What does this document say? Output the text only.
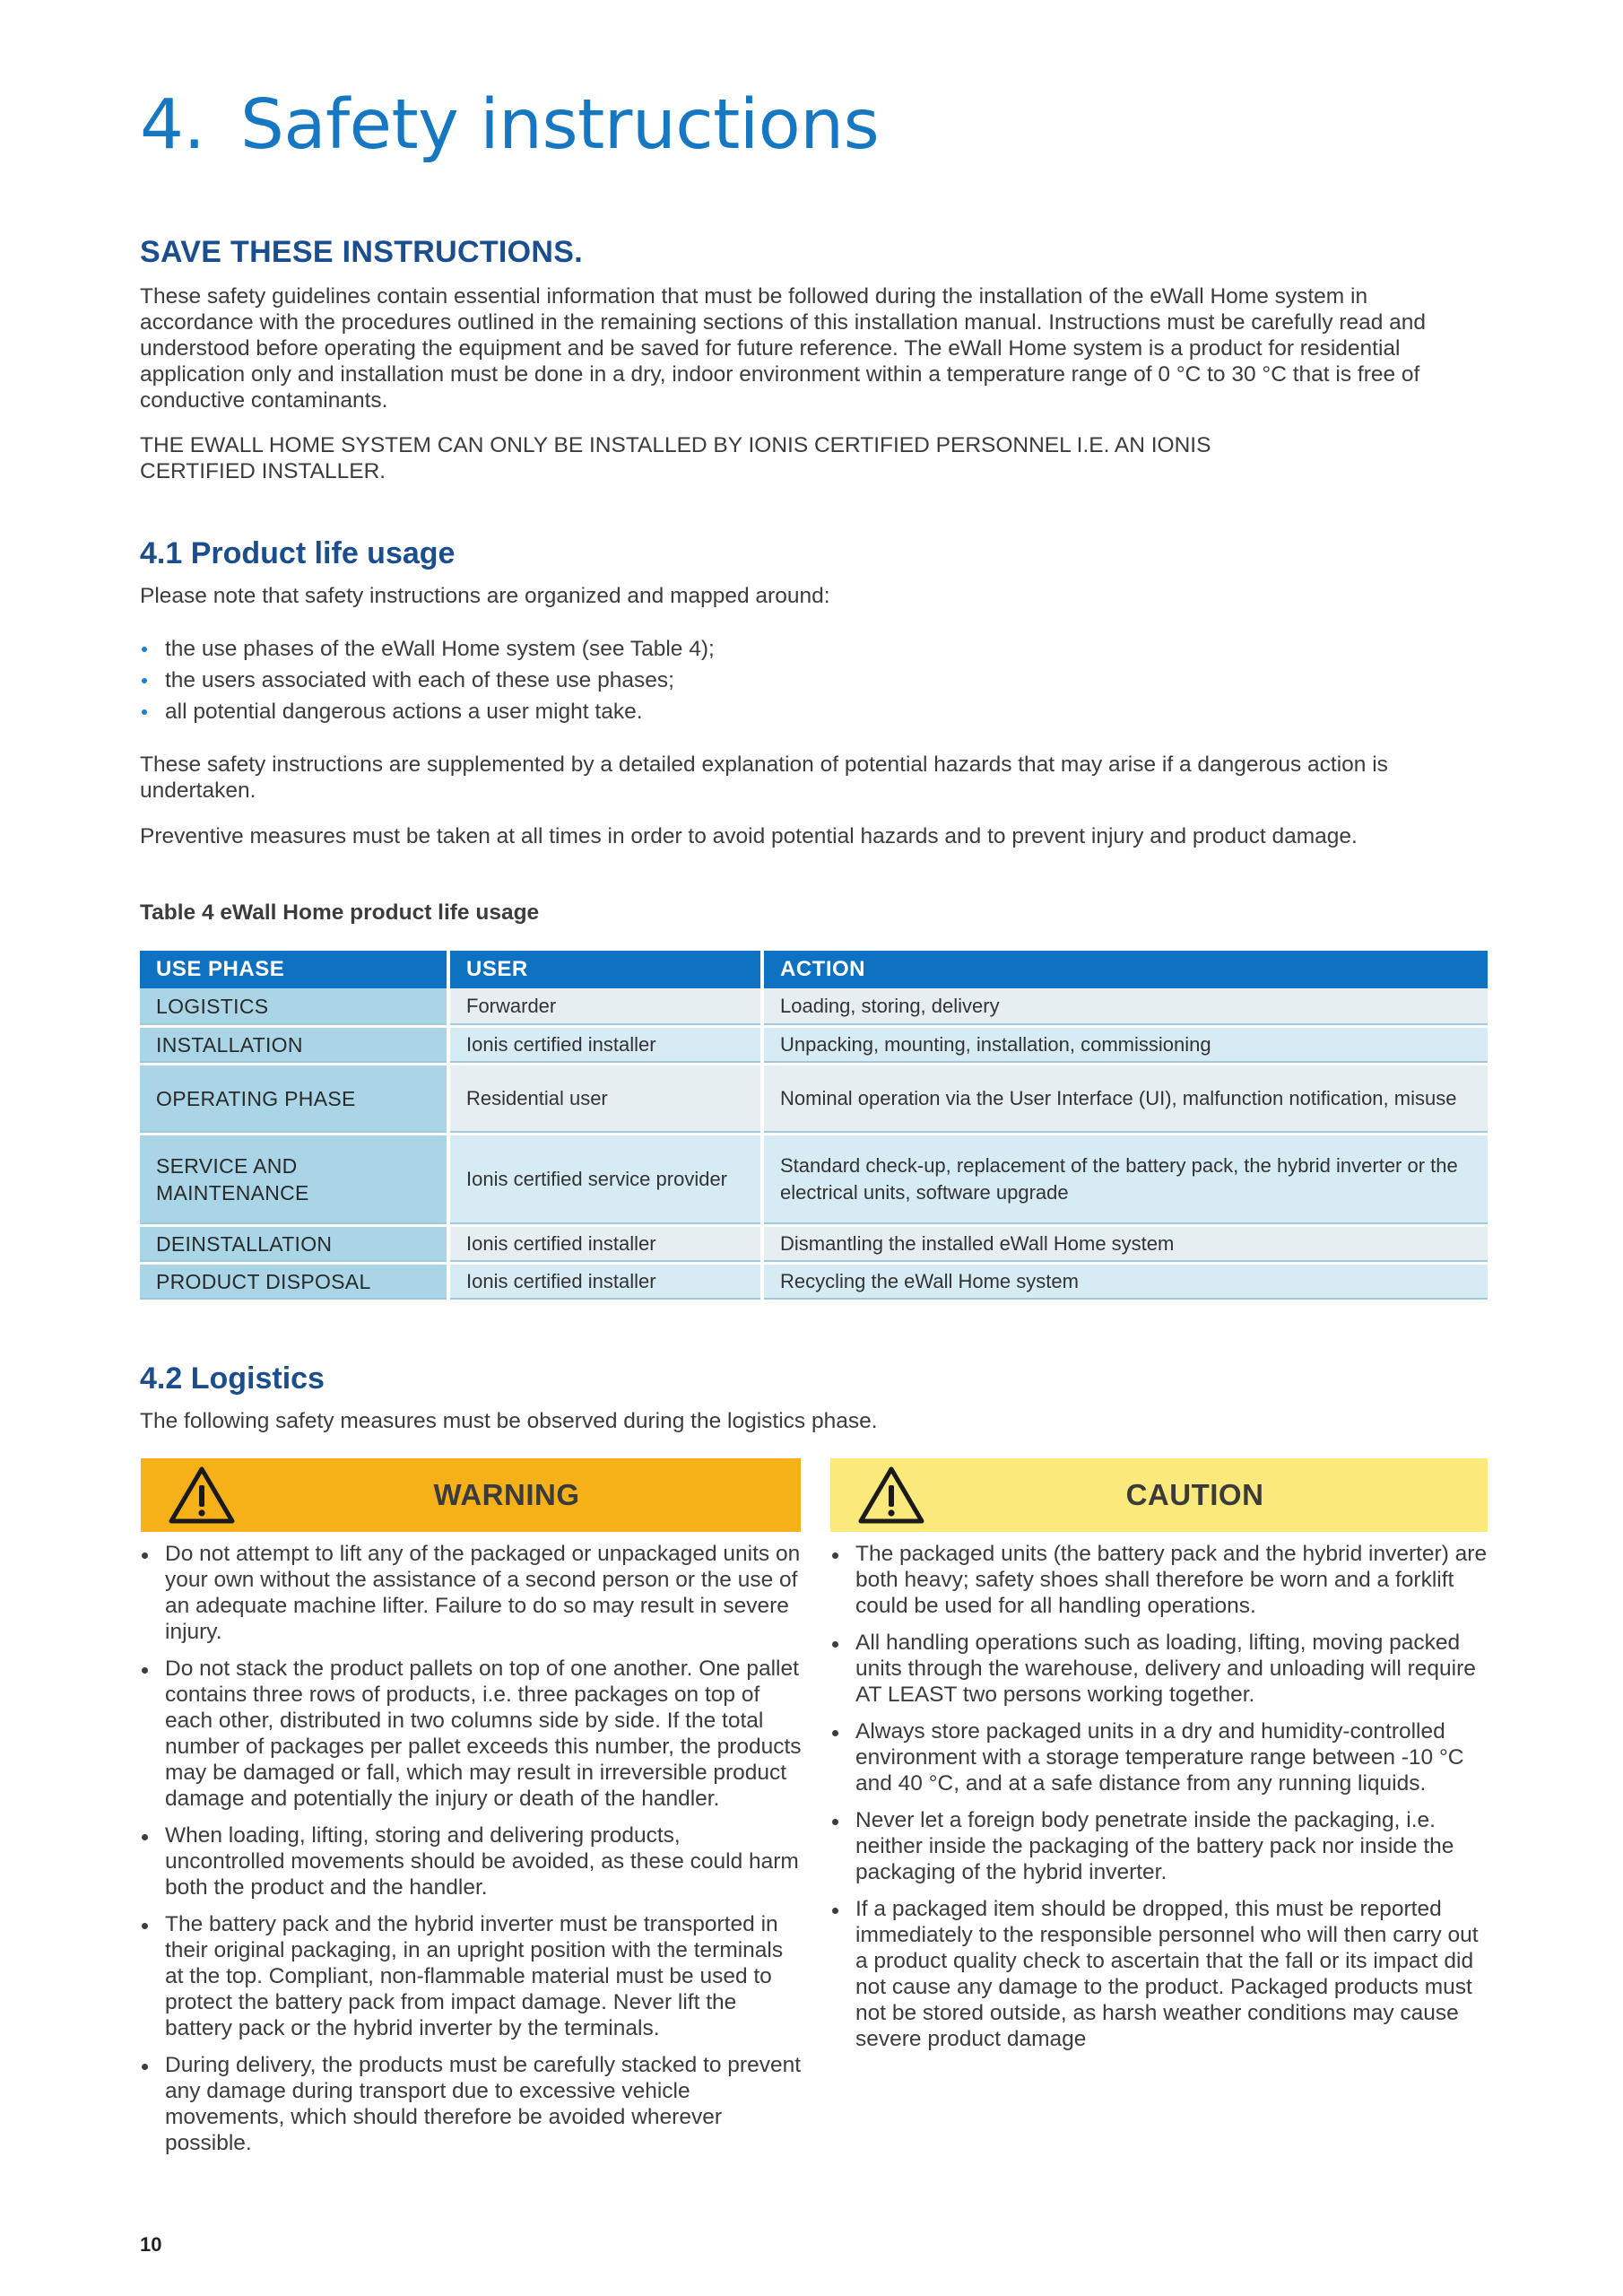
4. Safety instructions
SAVE THESE INSTRUCTIONS.

These safety guidelines contain essential information that must be followed during the installation of the eWall Home system in accordance with the procedures outlined in the remaining sections of this installation manual. Instructions must be carefully read and understood before operating the equipment and be saved for future reference. The eWall Home system is a product for residential application only and installation must be done in a dry, indoor environment within a temperature range of 0 °C to 30 °C that is free of conductive contaminants.

THE EWALL HOME SYSTEM CAN ONLY BE INSTALLED BY IONIS CERTIFIED PERSONNEL I.E. AN IONIS CERTIFIED INSTALLER.

4.1 Product life usage

Please note that safety instructions are organized and mapped around:

the use phases of the eWall Home system (see Table 4);
the users associated with each of these use phases;
all potential dangerous actions a user might take.

These safety instructions are supplemented by a detailed explanation of potential hazards that may arise if a dangerous action is undertaken.

Preventive measures must be taken at all times in order to avoid potential hazards and to prevent injury and product damage.

Table 4 eWall Home product life usage

USE PHASE	USER	ACTION
LOGISTICS	Forwarder	Loading, storing, delivery
INSTALLATION	Ionis certified installer	Unpacking, mounting, installation, commissioning
OPERATING PHASE	Residential user	Nominal operation via the User Interface (UI), malfunction notification, misuse
SERVICE AND MAINTENANCE	Ionis certified service provider	Standard check-up, replacement of the battery pack, the hybrid inverter or the electrical units, software upgrade
DEINSTALLATION	Ionis certified installer	Dismantling the installed eWall Home system
PRODUCT DISPOSAL	Ionis certified installer	Recycling the eWall Home system
4.2 Logistics

The following safety measures must be observed during the logistics phase.

WARNING	CAUTION
Do not attempt to lift any of the packaged or unpackaged units on your own without the assistance of a second person or the use of an adequate machine lifter. Failure to do so may result in severe injury.
Do not stack the product pallets on top of one another. One pallet contains three rows of products, i.e. three packages on top of each other, distributed in two columns side by side. If the total number of packages per pallet exceeds this number, the products may be damaged or fall, which may result in irreversible product damage and potentially the injury or death of the handler.
When loading, lifting, storing and delivering products, uncontrolled movements should be avoided, as these could harm both the product and the handler.
The battery pack and the hybrid inverter must be transported in their original packaging, in an upright position with the terminals at the top. Compliant, non-flammable material must be used to protect the battery pack from impact damage. Never lift the battery pack or the hybrid inverter by the terminals.
During delivery, the products must be carefully stacked to prevent any damage during transport due to excessive vehicle movements, which should therefore be avoided wherever possible.
The packaged units (the battery pack and the hybrid inverter) are both heavy; safety shoes shall therefore be worn and a forklift could be used for all handling operations.
All handling operations such as loading, lifting, moving packed units through the warehouse, delivery and unloading will require AT LEAST two persons working together.
Always store packaged units in a dry and humidity-controlled environment with a storage temperature range between -10 °C and 40 °C, and at a safe distance from any running liquids.
Never let a foreign body penetrate inside the packaging, i.e. neither inside the packaging of the battery pack nor inside the packaging of the hybrid inverter.
If a packaged item should be dropped, this must be reported immediately to the responsible personnel who will then carry out a product quality check to ascertain that the fall or its impact did not cause any damage to the product. Packaged products must not be stored outside, as harsh weather conditions may cause severe product damage

10
